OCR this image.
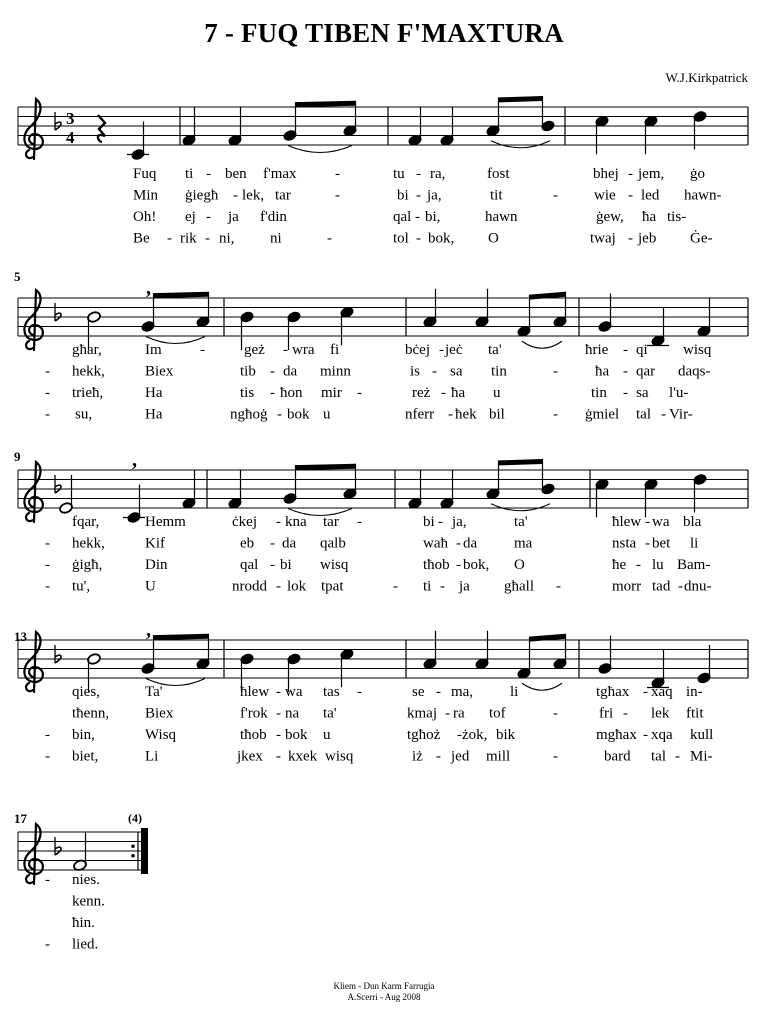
7 - FUQ TIBEN F'MAXTURA
W.J.Kirkpatrick
3
4
Fuq ti - ben f'max	-	tu - ra,	fost	bhej - jem, ġo
Min ġiegħ - lek, tar	-	bi - ja,	tit	- wie - led hawn-
Oh! ej - ja f'din	qal - bi,	hawn	ġew, ħa tis-
Be - rik - ni, ni	-	tol - bok, O	twaj - jeb Ġe-
5
,
għar,	Im	-	geż - wra fi	bċej - jeċ ta'	ħrie - qi wisq
- hekk,	Biex	tib - da minn	is - sa tin	- ħa - qar daqs-
- trieħ,	Ha	tis - ħon mir -	reż - ħa u	tin - sa l'u-
- su,	Ha	ngħoġ - bok u	nferr - ħek bil	- ġmiel tal - Vir-
9	,
fqar,	Hemm	ċkej - kna tar -	bi - ja,	ta'	ħlew - wa bla
- hekk,	Kif	eb - da qalb	waħ - da ma	nsta - bet li
- ġigħ,	Din	qal - bi wisq	tħob - bok, O	ħe - lu Bam-
- tu',	U	nrodd - lok tpat	- ti - ja għall -	morr tad - dnu-
13	,
qies,	Ta'	ħlew - wa tas -	se - ma, li	tgħax - xaq in-
tħenn, Biex	f'rok - na ta'	kmaj - ra tof	-	fri - lek ftit
- bin,	Wisq	tħob - bok u	tgħoż - żok, bik	mgħax - xqa kull
- biet,	Li	jkex - kxek wisq	iż - jed mill	-	bard tal - Mi-
17	(4)
- nies.
kenn.
ħin.
- lied.
Kliem - Dun Karm Farrugia
A.Scerri - Aug 2008
